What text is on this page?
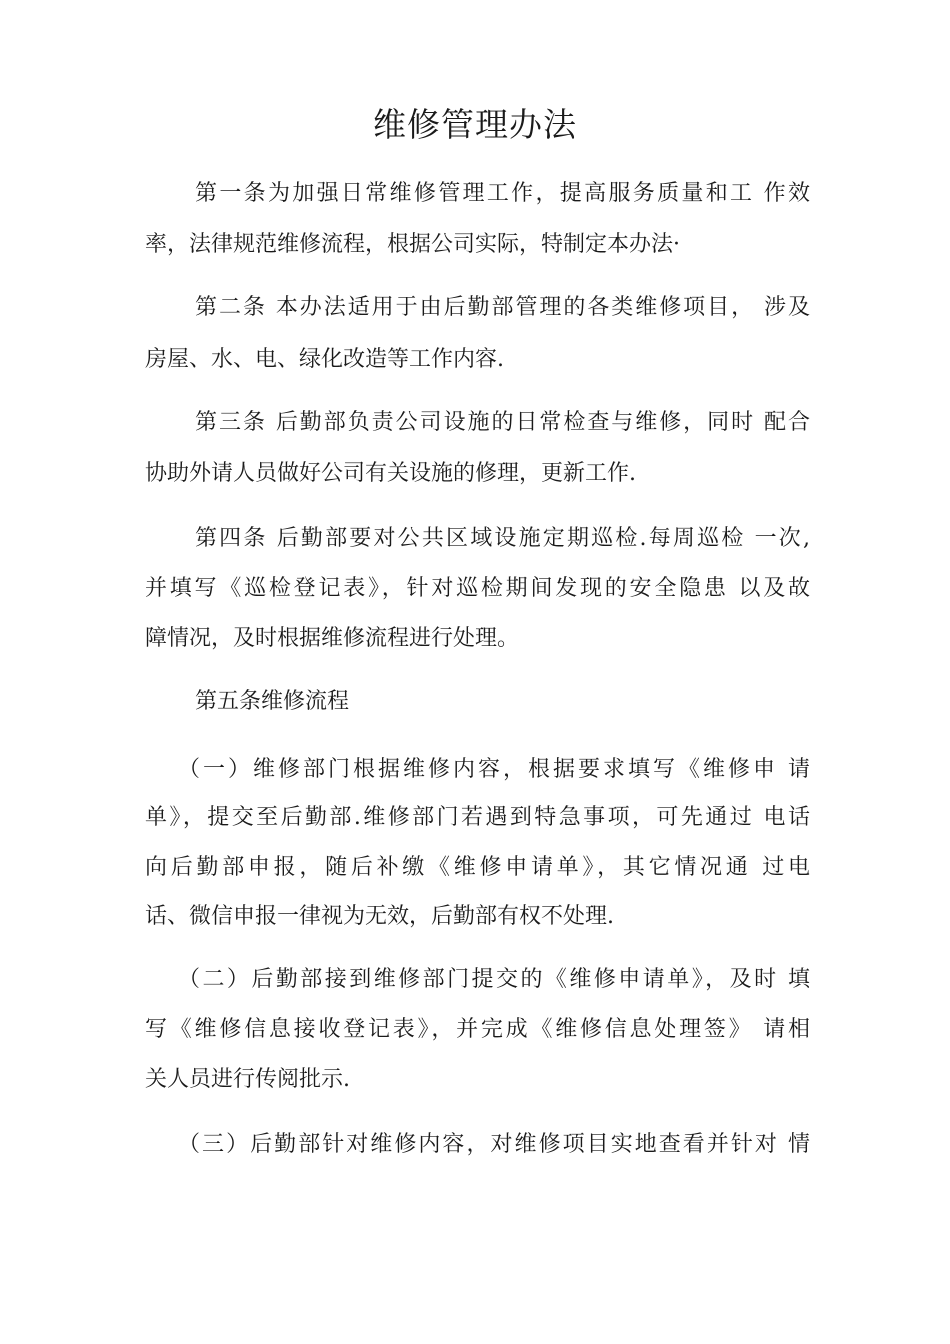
维修管理办法
第一条为加强日常维修管理工作，提高服务质量和工 作效
率，法律规范维修流程，根据公司实际，特制定本办法·
第二条 本办法适用于由后勤部管理的各类维修项目， 涉及
房屋、水、电、绿化改造等工作内容.
第三条 后勤部负责公司设施的日常检查与维修，同时 配合
协助外请人员做好公司有关设施的修理，更新工作.
第四条 后勤部要对公共区域设施定期巡检.每周巡检 一次,
并填写《巡检登记表》，针对巡检期间发现的安全隐患 以及故
障情况，及时根据维修流程进行处理。
第五条维修流程
（一）维修部门根据维修内容，根据要求填写《维修申 请
单》，提交至后勤部.维修部门若遇到特急事项，可先通过 电话
向后勤部申报，随后补缴《维修申请单》，其它情况通 过电
话、微信申报一律视为无效，后勤部有权不处理.
（二）后勤部接到维修部门提交的《维修申请单》，及时 填
写《维修信息接收登记表》，并完成《维修信息处理签》 请相
关人员进行传阅批示.
（三）后勤部针对维修内容，对维修项目实地查看并针对 情
